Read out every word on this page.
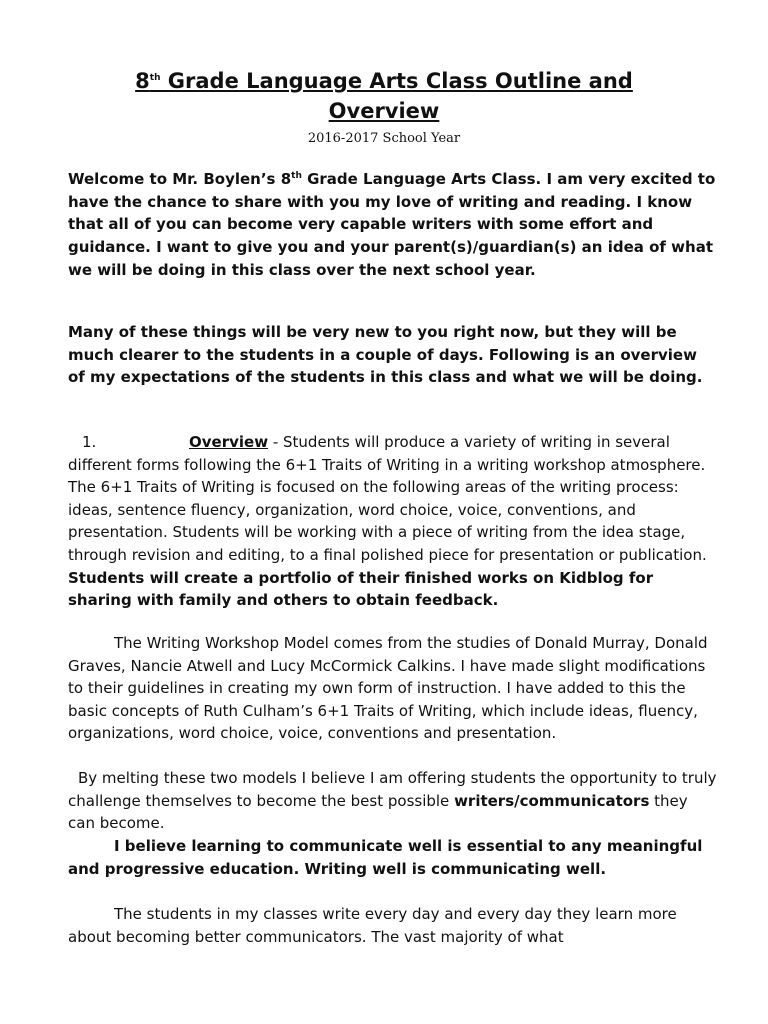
8th Grade Language Arts Class Outline and
Overview
2016-2017 School Year
Welcome to Mr. Boylen’s 8th Grade Language Arts Class. I am very excited to have the chance to share with you my love of writing and reading. I know that all of you can become very capable writers with some effort and guidance. I want to give you and your parent(s)/guardian(s) an idea of what we will be doing in this class over the next school year.
Many of these things will be very new to you right now, but they will be much clearer to the students in a couple of days. Following is an overview of my expectations of the students in this class and what we will be doing.
1.	Overview - Students will produce a variety of writing in several different forms following the 6+1 Traits of Writing in a writing workshop atmosphere. The 6+1 Traits of Writing is focused on the following areas of the writing process: ideas, sentence fluency, organization, word choice, voice, conventions, and presentation. Students will be working with a piece of writing from the idea stage, through revision and editing, to a final polished piece for presentation or publication. Students will create a portfolio of their finished works on Kidblog for sharing with family and others to obtain feedback.
The Writing Workshop Model comes from the studies of Donald Murray, Donald Graves, Nancie Atwell and Lucy McCormick Calkins. I have made slight modifications to their guidelines in creating my own form of instruction. I have added to this the basic concepts of Ruth Culham’s 6+1 Traits of Writing, which include ideas, fluency, organizations, word choice, voice, conventions and presentation.
By melting these two models I believe I am offering students the opportunity to truly challenge themselves to become the best possible writers/communicators they can become.
I believe learning to communicate well is essential to any meaningful and progressive education. Writing well is communicating well.
The students in my classes write every day and every day they learn more about becoming better communicators. The vast majority of what
